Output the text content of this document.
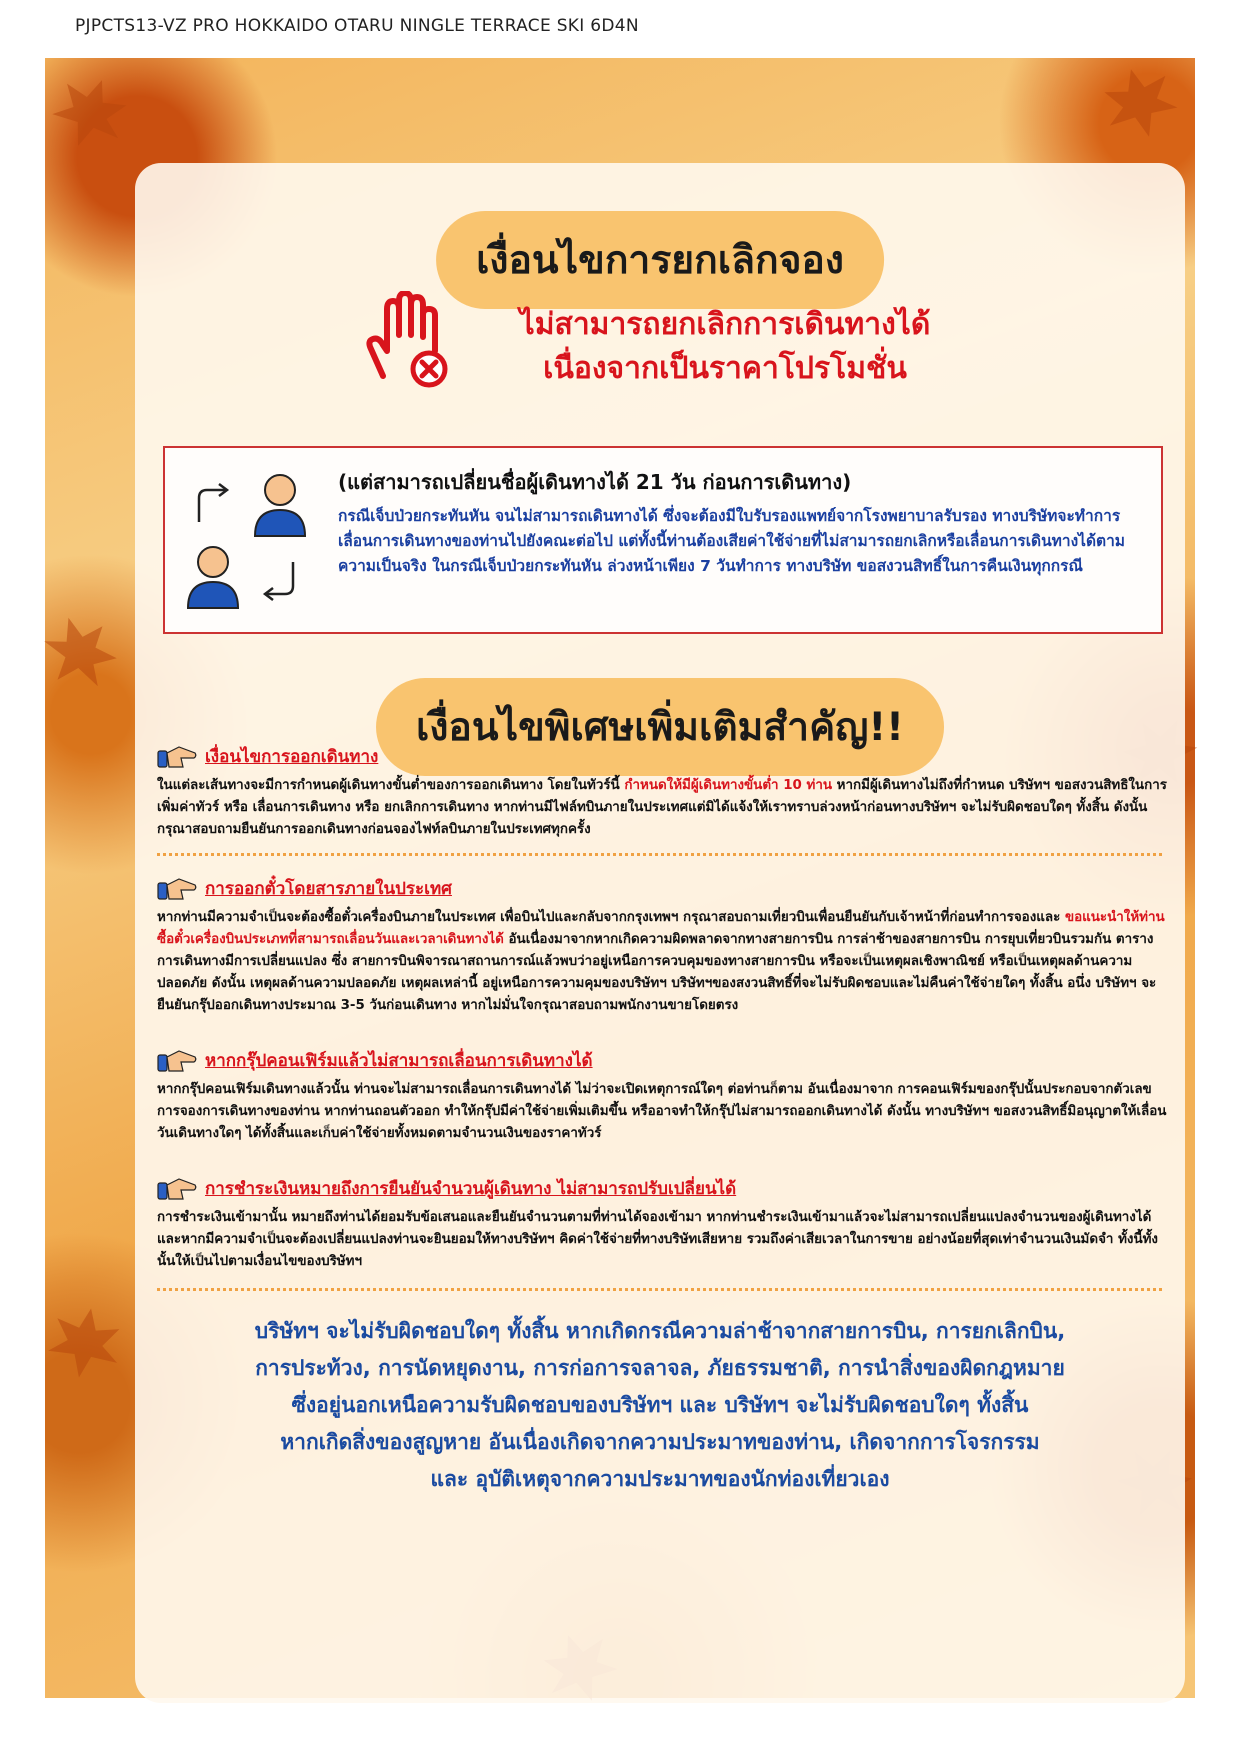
PJPCTS13-VZ PRO HOKKAIDO OTARU NINGLE TERRACE SKI 6D4N
เงื่อนไขการยกเลิกจอง
ไม่สามารถยกเลิกการเดินทางได้
เนื่องจากเป็นราคาโปรโมชั่น
(แต่สามารถเปลี่ยนชื่อผู้เดินทางได้ 21 วัน ก่อนการเดินทาง)
กรณีเจ็บป่วยกระทันหัน จนไม่สามารถเดินทางได้ ซึ่งจะต้องมีใบรับรองแพทย์จากโรงพยาบาลรับรอง ทางบริษัทจะทำการเลื่อนการเดินทางของท่านไปยังคณะต่อไป แต่ทั้งนี้ท่านต้องเสียค่าใช้จ่ายที่ไม่สามารถยกเลิกหรือเลื่อนการเดินทางได้ตามความเป็นจริง ในกรณีเจ็บป่วยกระทันหัน ล่วงหน้าเพียง 7 วันทำการ ทางบริษัท ขอสงวนสิทธิ์ในการคืนเงินทุกกรณี
เงื่อนไขพิเศษเพิ่มเติมสำคัญ!!
เงื่อนไขการออกเดินทาง
ในแต่ละเส้นทางจะมีการกำหนดผู้เดินทางขั้นต่ำของการออกเดินทาง โดยในทัวร์นี้ กำหนดให้มีผู้เดินทางขั้นต่ำ 10 ท่าน หากมีผู้เดินทางไม่ถึงที่กำหนด บริษัทฯ ขอสงวนสิทธิในการเพิ่มค่าทัวร์ หรือ เลื่อนการเดินทาง หรือ ยกเลิกการเดินทาง หากท่านมีไฟล์ทบินภายในประเทศแต่มิได้แจ้งให้เราทราบล่วงหน้าก่อนทางบริษัทฯ จะไม่รับผิดชอบใดๆ ทั้งสิ้น ดังนั้นกรุณาสอบถามยืนยันการออกเดินทางก่อนจองไฟท์ลบินภายในประเทศทุกครั้ง
การออกตั๋วโดยสารภายในประเทศ
หากท่านมีความจำเป็นจะต้องซื้อตั๋วเครื่องบินภายในประเทศ เพื่อบินไปและกลับจากกรุงเทพฯ กรุณาสอบถามเที่ยวบินเพื่อนยืนยันกับเจ้าหน้าที่ก่อนทำการจองและ ขอแนะนำให้ท่านซื้อตั๋วเครื่องบินประเภทที่สามารถเลื่อนวันและเวลาเดินทางได้ อันเนื่องมาจากหากเกิดความผิดพลาดจากทางสายการบิน การล่าช้าของสายการบิน การยุบเที่ยวบินรวมกัน ตารางการเดินทางมีการเปลี่ยนแปลง ซึ่ง สายการบินพิจารณาสถานการณ์แล้วพบว่าอยู่เหนือการควบคุมของทางสายการบิน หรือจะเป็นเหตุผลเชิงพาณิชย์ หรือเป็นเหตุผลด้านความปลอดภัย ดังนั้น เหตุผลด้านความปลอดภัย เหตุผลเหล่านี้ อยู่เหนือการความคุมของบริษัทฯ บริษัทฯของสงวนสิทธิ์ที่จะไม่รับผิดชอบและไม่คืนค่าใช้จ่ายใดๆ ทั้งสิ้น อนึ่ง บริษัทฯ จะยืนยันกรุ๊ปออกเดินทางประมาณ 3-5 วันก่อนเดินทาง หากไม่มั่นใจกรุณาสอบถามพนักงานขายโดยตรง
หากกรุ๊ปคอนเฟิร์มแล้วไม่สามารถเลื่อนการเดินทางได้
หากกรุ๊ปคอนเฟิร์มเดินทางแล้วนั้น ท่านจะไม่สามารถเลื่อนการเดินทางได้ ไม่ว่าจะเปิดเหตุการณ์ใดๆ ต่อท่านก็ตาม อันเนื่องมาจาก การคอนเฟิร์มของกรุ๊ปนั้นประกอบจากตัวเลขการจองการเดินทางของท่าน หากท่านถอนตัวออก ทำให้กรุ๊ปมีค่าใช้จ่ายเพิ่มเติมขึ้น หรืออาจทำให้กรุ๊ปไม่สามารถออกเดินทางได้ ดังนั้น ทางบริษัทฯ ขอสงวนสิทธิ์มิอนุญาตให้เลื่อนวันเดินทางใดๆ ได้ทั้งสิ้นและเก็บค่าใช้จ่ายทั้งหมดตามจำนวนเงินของราคาทัวร์
การชำระเงินหมายถึงการยืนยันจำนวนผู้เดินทาง ไม่สามารถปรับเปลี่ยนได้
การชำระเงินเข้ามานั้น หมายถึงท่านได้ยอมรับข้อเสนอและยืนยันจำนวนตามที่ท่านได้จองเข้ามา หากท่านชำระเงินเข้ามาแล้วจะไม่สามารถเปลี่ยนแปลงจำนวนของผู้เดินทางได้และหากมีความจำเป็นจะต้องเปลี่ยนแปลงท่านจะยินยอมให้ทางบริษัทฯ คิดค่าใช้จ่ายที่ทางบริษัทเสียหาย รวมถึงค่าเสียเวลาในการขาย อย่างน้อยที่สุดเท่าจำนวนเงินมัดจำ ทั้งนี้ทั้งนั้นให้เป็นไปตามเงื่อนไขของบริษัทฯ
บริษัทฯ จะไม่รับผิดชอบใดๆ ทั้งสิ้น หากเกิดกรณีความล่าช้าจากสายการบิน, การยกเลิกบิน,
การประท้วง, การนัดหยุดงาน, การก่อการจลาจล, ภัยธรรมชาติ, การนำสิ่งของผิดกฎหมาย
ซึ่งอยู่นอกเหนือความรับผิดชอบของบริษัทฯ และ บริษัทฯ จะไม่รับผิดชอบใดๆ ทั้งสิ้น
หากเกิดสิ่งของสูญหาย อันเนื่องเกิดจากความประมาทของท่าน, เกิดจากการโจรกรรม
และ อุบัติเหตุจากความประมาทของนักท่องเที่ยวเอง
